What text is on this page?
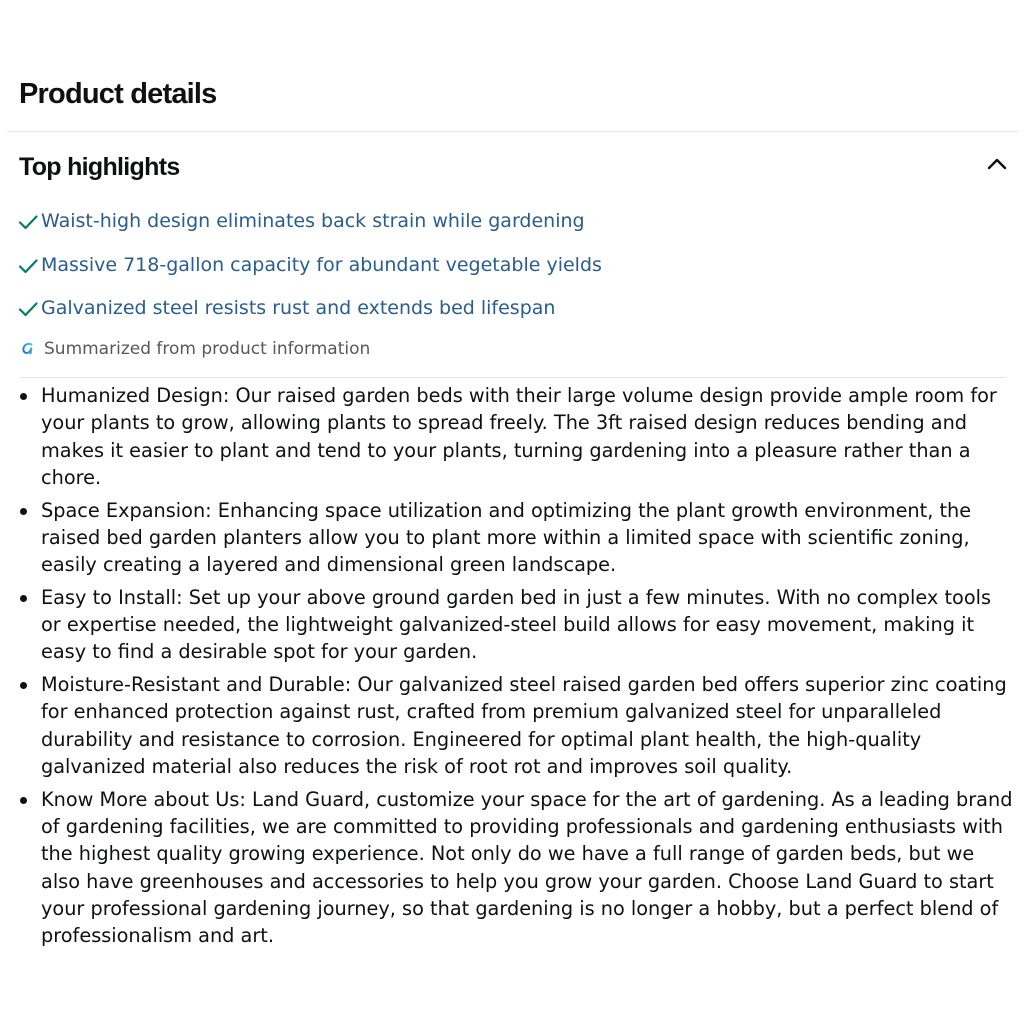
Product details
Top highlights
Waist-high design eliminates back strain while gardening
Massive 718-gallon capacity for abundant vegetable yields
Galvanized steel resists rust and extends bed lifespan
Summarized from product information
Humanized Design: Our raised garden beds with their large volume design provide ample room for your plants to grow, allowing plants to spread freely. The 3ft raised design reduces bending and makes it easier to plant and tend to your plants, turning gardening into a pleasure rather than a chore.
Space Expansion: Enhancing space utilization and optimizing the plant growth environment, the raised bed garden planters allow you to plant more within a limited space with scientific zoning, easily creating a layered and dimensional green landscape.
Easy to Install: Set up your above ground garden bed in just a few minutes. With no complex tools or expertise needed, the lightweight galvanized-steel build allows for easy movement, making it easy to find a desirable spot for your garden.
Moisture-Resistant and Durable: Our galvanized steel raised garden bed offers superior zinc coating for enhanced protection against rust, crafted from premium galvanized steel for unparalleled durability and resistance to corrosion. Engineered for optimal plant health, the high-quality galvanized material also reduces the risk of root rot and improves soil quality.
Know More about Us: Land Guard, customize your space for the art of gardening. As a leading brand of gardening facilities, we are committed to providing professionals and gardening enthusiasts with the highest quality growing experience. Not only do we have a full range of garden beds, but we also have greenhouses and accessories to help you grow your garden. Choose Land Guard to start your professional gardening journey, so that gardening is no longer a hobby, but a perfect blend of professionalism and art.
